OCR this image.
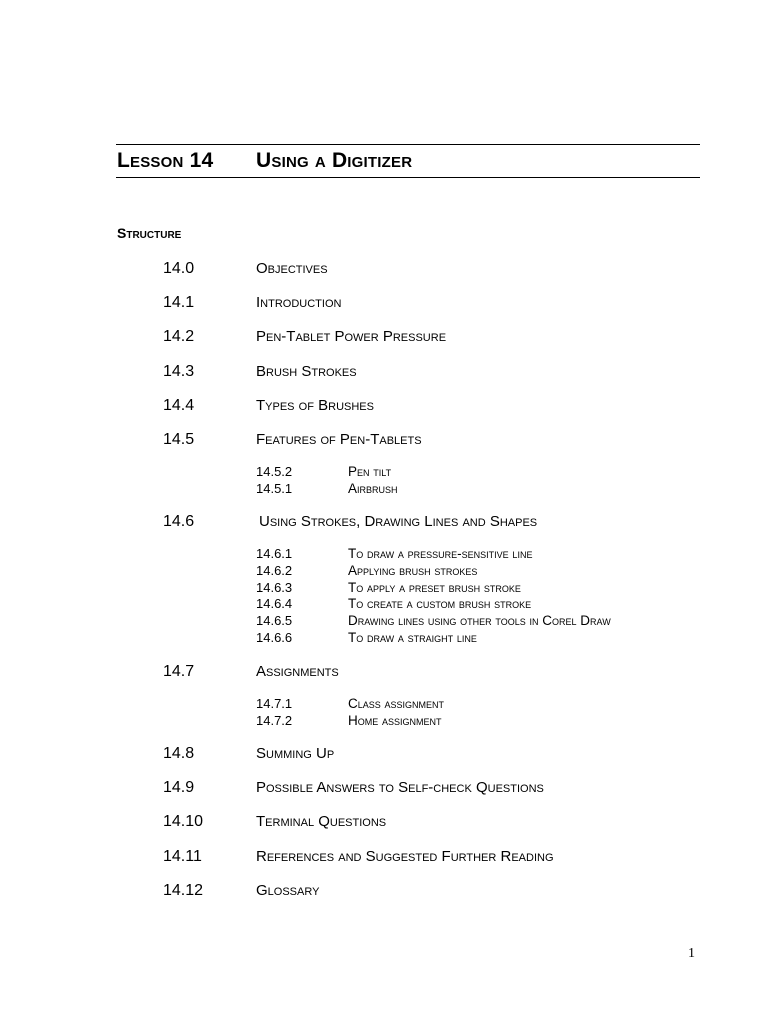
Lesson 14 Using a Digitizer
Structure
14.0	Objectives
14.1	Introduction
14.2	Pen-Tablet Power Pressure
14.3	Brush Strokes
14.4	Types of Brushes
14.5	Features of Pen-Tablets
14.5.2	Pen tilt
14.5.1	Airbrush
14.6	Using Strokes, Drawing Lines and Shapes
14.6.1	To draw a pressure-sensitive line
14.6.2	Applying brush strokes
14.6.3	To apply a preset brush stroke
14.6.4	To create a custom brush stroke
14.6.5	Drawing lines using other tools in Corel Draw
14.6.6	To draw a straight line
14.7	Assignments
14.7.1	Class assignment
14.7.2	Home assignment
14.8	Summing Up
14.9	Possible Answers to Self-check Questions
14.10	Terminal Questions
14.11	References and Suggested Further Reading
14.12	Glossary
1
